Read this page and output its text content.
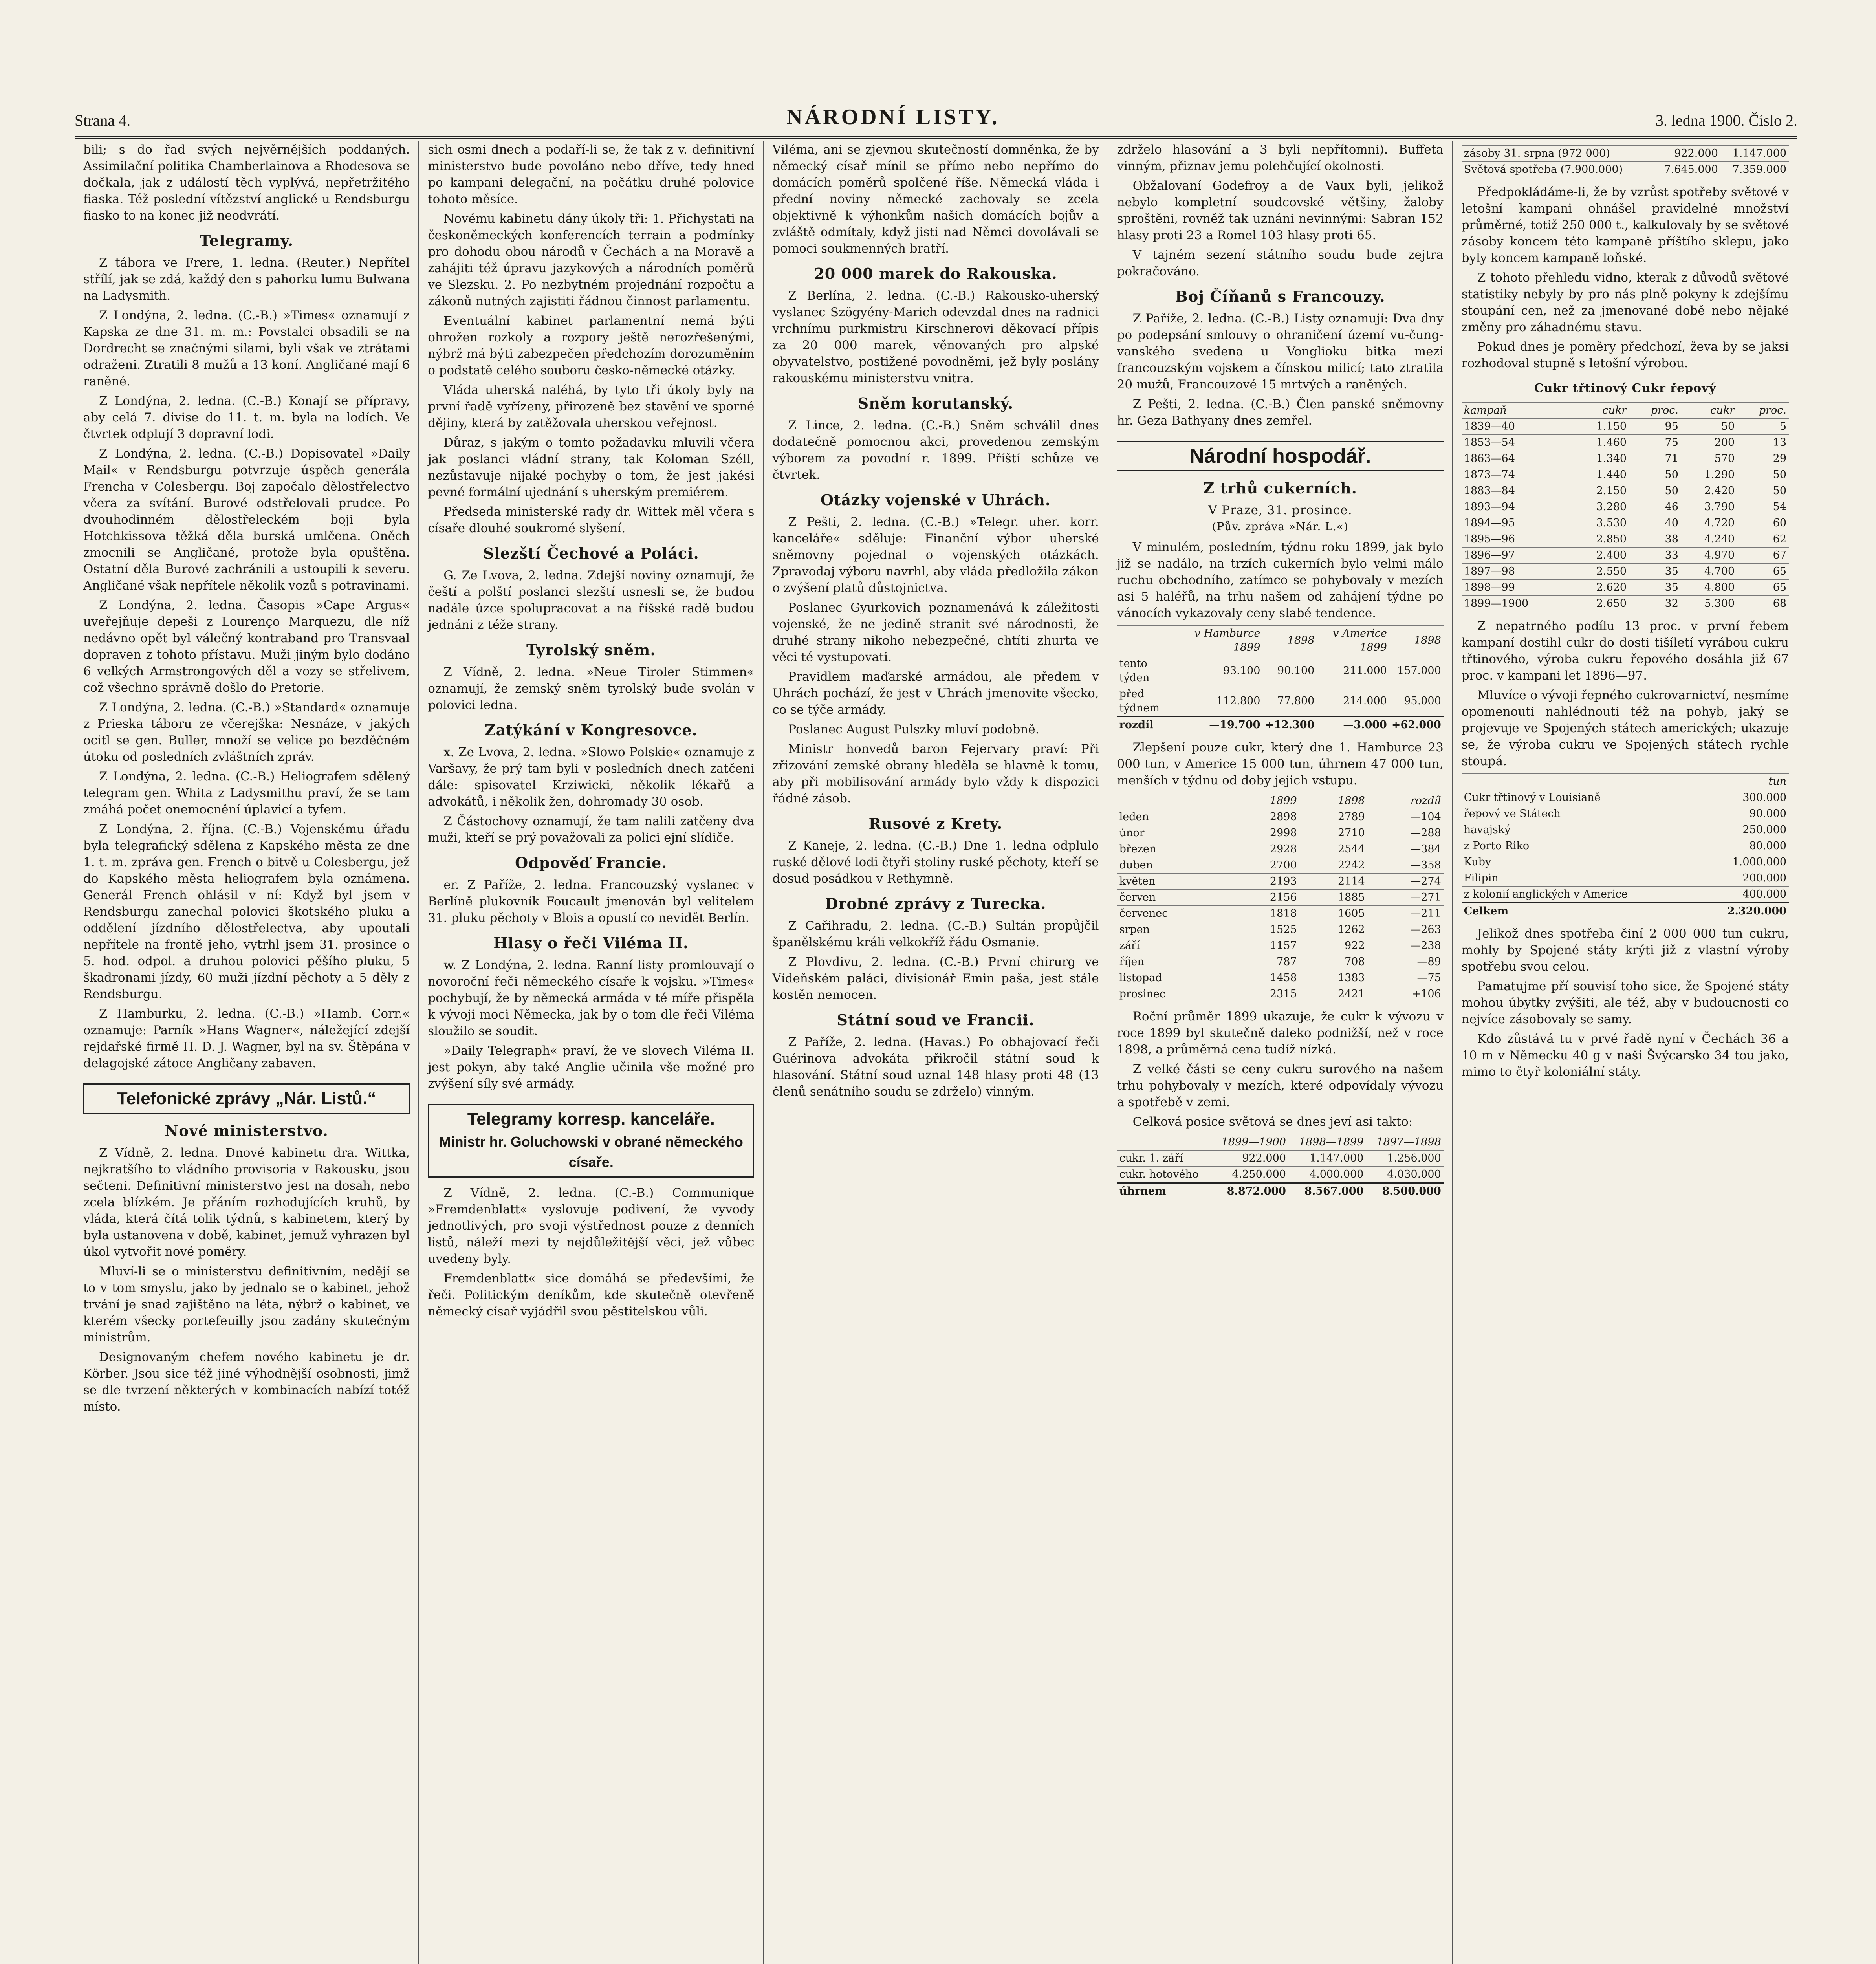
Strana 4.	NÁRODNÍ LISTY.	3. ledna 1900. Číslo 2.

bili; s do řad svých nejvěrnějších poddaných. Assimilační politika Chamberlainova a Rhodesova se dočkala, jak z událostí těch vyplývá, nepřetržitého fiaska. Též poslední vítězství anglické u Rendsburgu fiasko to na konec již neodvrátí.

Telegramy.

Z tábora ve Frere, 1. ledna. (Reuter.) Nepřítel střílí, jak se zdá, každý den s pahorku lumu Bulwana na Ladysmith.

Z Londýna, 2. ledna. (C.-B.) »Times« oznamují z Kapska ze dne 31. m. m.: Povstalci obsadili se na Dordrecht se značnými silami, byli však ve ztrátami odraženi. Ztratili 8 mužů a 13 koní. Angličané mají 6 raněné.

Z Londýna, 2. ledna. (C.-B.) Konají se přípravy, aby celá 7. divise do 11. t. m. byla na lodích. Ve čtvrtek odplují 3 dopravní lodi.

Z Londýna, 2. ledna. (C.-B.) Dopisovatel »Daily Mail« v Rendsburgu potvrzuje úspěch generála Frencha v Colesbergu. Boj započalo dělostřelectvo včera za svítání. Burové odstřelovali prudce. Po dvouhodinném dělostřeleckém boji byla Hotchkissova těžká děla burská umlčena. Oněch zmocnili se Angličané, protože byla opuštěna. Ostatní děla Burové zachránili a ustoupili k severu. Angličané však nepřítele několik vozů s potravinami.

Z Londýna, 2. ledna. Časopis »Cape Argus« uveřejňuje depeši z Lourenço Marquezu, dle níž nedávno opět byl válečný kontraband pro Transvaal dopraven z tohoto přístavu. Muži jiným bylo dodáno 6 velkých Armstrongových děl a vozy se střelivem, což všechno správně došlo do Pretorie.

Z Londýna, 2. ledna. (C.-B.) »Standard« oznamuje z Prieska táboru ze včerejška: Nesnáze, v jakých ocitl se gen. Buller, množí se velice po bezděčném útoku od posledních zvláštních zpráv.

Z Londýna, 2. ledna. (C.-B.) Heliografem sdělený telegram gen. Whita z Ladysmithu praví, že se tam zmáhá počet onemocnění úplavicí a tyfem.

Z Londýna, 2. října. (C.-B.) Vojenskému úřadu byla telegrafický sdělena z Kapského města ze dne 1. t. m. zpráva gen. French o bitvě u Colesbergu, jež do Kapského města heliografem byla oznámena. Generál French ohlásil v ní: Když byl jsem v Rendsburgu zanechal polovici škotského pluku a oddělení jízdního dělostřelectva, aby upoutali nepřítele na frontě jeho, vytrhl jsem 31. prosince o 5. hod. odpol. a druhou polovici pěšího pluku, 5 škadronami jízdy, 60 muži jízdní pěchoty a 5 děly z Rendsburgu.

Z Hamburku, 2. ledna. (C.-B.) »Hamb. Corr.« oznamuje: Parník »Hans Wagner«, náležející zdejší rejdařské firmě H. D. J. Wagner, byl na sv. Štěpána v delagojské zátoce Angličany zabaven.

Telefonické zprávy „Nár. Listů.“
Nové ministerstvo.

Z Vídně, 2. ledna. Dnové kabinetu dra. Wittka, nejkratšího to vládního provisoria v Rakousku, jsou sečteni. Definitivní ministerstvo jest na dosah, nebo zcela blízkém. Je přáním rozhodujících kruhů, by vláda, která čítá tolik týdnů, s kabinetem, který by byla ustanovena v době, kabinet, jemuž vyhrazen byl úkol vytvořit nové poměry.

Mluví-li se o ministerstvu definitivním, nedějí se to v tom smyslu, jako by jednalo se o kabinet, jehož trvání je snad zajištěno na léta, nýbrž o kabinet, ve kterém všecky portefeuilly jsou zadány skutečným ministrům.

Designovaným chefem nového kabinetu je dr. Körber. Jsou sice též jiné výhodnější osobnosti, jimž se dle tvrzení některých v kombinacích nabízí totéž místo.

sich osmi dnech a podaří-li se, že tak z v. definitivní ministerstvo bude povoláno nebo dříve, tedy hned po kampani delegační, na počátku druhé polovice tohoto měsíce.

Novému kabinetu dány úkoly tři: 1. Přichystati na českoněmeckých konferencích terrain a podmínky pro dohodu obou národů v Čechách a na Moravě a zahájiti též úpravu jazykových a národních poměrů ve Slezsku. 2. Po nezbytném projednání rozpočtu a zákonů nutných zajistiti řádnou činnost parlamentu.

Eventuální kabinet parlamentní nemá býti ohrožen rozkoly a rozpory ještě nerozřešenými, nýbrž má býti zabezpečen předchozím dorozuměním o podstatě celého souboru česko-německé otázky.

Vláda uherská naléhá, by tyto tři úkoly byly na první řadě vyřízeny, přirozeně bez stavění ve sporné dějiny, která by zatěžovala uherskou veřejnost.

Důraz, s jakým o tomto požadavku mluvili včera jak poslanci vládní strany, tak Koloman Széll, nezůstavuje nijaké pochyby o tom, že jest jakési pevné formální ujednání s uherským premiérem.

Předseda ministerské rady dr. Wittek měl včera s císaře dlouhé soukromé slyšení.

Slezští Čechové a Poláci.

G. Ze Lvova, 2. ledna. Zdejší noviny oznamují, že čeští a polští poslanci slezští usnesli se, že budou nadále úzce spolupracovat a na říšské radě budou jednáni z téže strany.

Tyrolský sněm.

Z Vídně, 2. ledna. »Neue Tiroler Stimmen« oznamují, že zemský sněm tyrolský bude svolán v polovici ledna.

Zatýkání v Kongresovce.

x. Ze Lvova, 2. ledna. »Slowo Polskie« oznamuje z Varšavy, že prý tam byli v posledních dnech zatčeni dále: spisovatel Krziwicki, několik lékařů a advokátů, i několik žen, dohromady 30 osob.

Z Částochovy oznamují, že tam nalili zatčeny dva muži, kteří se prý považovali za polici ejní slídiče.

Odpověď Francie.

er. Z Paříže, 2. ledna. Francouzský vyslanec v Berlíně plukovník Foucault jmenován byl velitelem 31. pluku pěchoty v Blois a opustí co nevidět Berlín.

Hlasy o řeči Viléma II.

w. Z Londýna, 2. ledna. Ranní listy promlouvají o novoroční řeči německého císaře k vojsku. »Times« pochybují, že by německá armáda v té míře přispěla k vývoji moci Německa, jak by o tom dle řeči Viléma sloužilo se soudit.

»Daily Telegraph« praví, že ve slovech Viléma II. jest pokyn, aby také Anglie učinila vše možné pro zvýšení síly své armády.

Telegramy korresp. kanceláře.
Ministr hr. Goluchowski v obrané německého císaře.

Z Vídně, 2. ledna. (C.-B.) Communique »Fremdenblatt« vyslovuje podivení, že vyvody jednotlivých, pro svoji výstřednost pouze z denních listů, náleží mezi ty nejdůležitější věci, jež vůbec uvedeny byly.

Fremdenblatt« sice domáhá se předevšími, že řeči. Politickým deníkům, kde skutečně otevřeně německý císař vyjádřil svou pěstitelskou vůli.

Viléma, ani se zjevnou skutečností domněnka, že by německý císař mínil se přímo nebo nepřímo do domácích poměrů spolčené říše. Německá vláda i přední noviny německé zachovaly se zcela objektivně k výhonkům našich domácích bojův a zvláště odmítaly, když jisti nad Němci dovolávali se pomoci soukmenných bratří.

20 000 marek do Rakouska.

Z Berlína, 2. ledna. (C.-B.) Rakousko-uherský vyslanec Szögyény-Marich odevzdal dnes na radnici vrchnímu purkmistru Kirschnerovi děkovací přípis za 20 000 marek, věnovaných pro alpské obyvatelstvo, postižené povodněmi, jež byly poslány rakouskému ministerstvu vnitra.

Sněm korutanský.

Z Lince, 2. ledna. (C.-B.) Sněm schválil dnes dodatečně pomocnou akci, provedenou zemským výborem za povodní r. 1899. Příští schůze ve čtvrtek.

Otázky vojenské v Uhrách.

Z Pešti, 2. ledna. (C.-B.) »Telegr. uher. korr. kanceláře« sděluje: Finanční výbor uherské sněmovny pojednal o vojenských otázkách. Zpravodaj výboru navrhl, aby vláda předložila zákon o zvýšení platů důstojnictva.

Poslanec Gyurkovich poznamenává k záležitosti vojenské, že ne jedině stranit své národnosti, že druhé strany nikoho nebezpečné, chtíti zhurta ve věci té vystupovati.

Pravidlem maďarské armádou, ale předem v Uhrách pochází, že jest v Uhrách jmenovite všecko, co se týče armády.

Poslanec August Pulszky mluví podobně.

Ministr honvedů baron Fejervary praví: Při zřizování zemské obrany hleděla se hlavně k tomu, aby při mobilisování armády bylo vždy k dispozici řádné zásob.

Rusové z Krety.

Z Kaneje, 2. ledna. (C.-B.) Dne 1. ledna odplulo ruské dělové lodi čtyři stoliny ruské pěchoty, kteří se dosud posádkou v Rethymně.

Drobné zprávy z Turecka.

Z Cařihradu, 2. ledna. (C.-B.) Sultán propůjčil španělskému králi velkokříž řádu Osmanie.

Z Plovdivu, 2. ledna. (C.-B.) První chirurg ve Vídeňském paláci, divisionář Emin paša, jest stále kostěn nemocen.

Státní soud ve Francii.

Z Paříže, 2. ledna. (Havas.) Po obhajovací řeči Guérinova advokáta přikročil státní soud k hlasování. Státní soud uznal 148 hlasy proti 48 (13 členů senátního soudu se zdrželo) vinným.

zdrželo hlasování a 3 byli nepřítomni). Buffeta vinným, přiznav jemu polehčující okolnosti.

Obžalovaní Godefroy a de Vaux byli, jelikož nebylo kompletní soudcovské většiny, žaloby sproštěni, rovněž tak uznáni nevinnými: Sabran 152 hlasy proti 23 a Romel 103 hlasy proti 65.

V tajném sezení státního soudu bude zejtra pokračováno.

Boj Číňanů s Francouzy.

Z Paříže, 2. ledna. (C.-B.) Listy oznamují: Dva dny po podepsání smlouvy o ohraničení území vu-čung-vanského svedena u Vonglioku bitka mezi francouzským vojskem a čínskou milicí; tato ztratila 20 mužů, Francouzové 15 mrtvých a raněných.

Z Pešti, 2. ledna. (C.-B.) Člen panské sněmovny hr. Geza Bathyany dnes zemřel.

Národní hospodář.
Z trhů cukerních.
V Praze, 31. prosince.
(Pův. zpráva »Nár. L.«)

V minulém, posledním, týdnu roku 1899, jak bylo již se nadálo, na trzích cukerních bylo velmi málo ruchu obchodního, zatímco se pohybovaly v mezích asi 5 haléřů, na trhu našem od zahájení týdne po vánocích vykazovaly ceny slabé tendence.

	v Hamburce 1899	1898	v Americe 1899	1898
tento týden	93.100	90.100	211.000	157.000
před týdnem	112.800	77.800	214.000	95.000
rozdíl	—19.700	+12.300	—3.000	+62.000

Zlepšení pouze cukr, který dne 1. Hamburce 23 000 tun, v Americe 15 000 tun, úhrnem 47 000 tun, menších v týdnu od doby jejich vstupu.

	1899	1898	rozdíl
leden	2898	2789	—104
únor	2998	2710	—288
březen	2928	2544	—384
duben	2700	2242	—358
květen	2193	2114	—274
červen	2156	1885	—271
červenec	1818	1605	—211
srpen	1525	1262	—263
září	1157	922	—238
říjen	787	708	—89
listopad	1458	1383	—75
prosinec	2315	2421	+106

Roční průměr 1899 ukazuje, že cukr k vývozu v roce 1899 byl skutečně daleko podnižší, než v roce 1898, a průměrná cena tudíž nízká.

Z velké části se ceny cukru surového na našem trhu pohybovaly v mezích, které odpovídaly vývozu a spotřebě v zemi.

Celková posice světová se dnes jeví asi takto:

	1899—1900	1898—1899	1897—1898
cukr. 1. září	922.000	1.147.000	1.256.000
cukr. hotového	4.250.000	4.000.000	4.030.000
úhrnem	8.872.000	8.567.000	8.500.000
zásoby 31. srpna (972 000)	922.000	1.147.000
Světová spotřeba (7.900.000)	7.645.000	7.359.000

Předpokládáme-li, že by vzrůst spotřeby světové v letošní kampani ohnášel pravidelné množství průměrné, totiž 250 000 t., kalkulovaly by se světové zásoby koncem této kampaně příštího sklepu, jako byly koncem kampaně loňské.

Z tohoto přehledu vidno, kterak z důvodů světové statistiky nebyly by pro nás plně pokyny k zdejšímu stoupání cen, než za jmenované době nebo nějaké změny pro záhadnému stavu.

Pokud dnes je poměry předchozí, ževa by se jaksi rozhodoval stupně s letošní výrobou.

Cukr třtinový Cukr řepový
kampaň	cukr	proc.	cukr	proc.
1839—40	1.150	95	50	5
1853—54	1.460	75	200	13
1863—64	1.340	71	570	29
1873—74	1.440	50	1.290	50
1883—84	2.150	50	2.420	50
1893—94	3.280	46	3.790	54
1894—95	3.530	40	4.720	60
1895—96	2.850	38	4.240	62
1896—97	2.400	33	4.970	67
1897—98	2.550	35	4.700	65
1898—99	2.620	35	4.800	65
1899—1900	2.650	32	5.300	68

Z nepatrného podílu 13 proc. v první řebem kampaní dostihl cukr do dosti tišíletí vyrábou cukru třtinového, výroba cukru řepového dosáhla již 67 proc. v kampani let 1896—97.

Mluvíce o vývoji řepného cukrovarnictví, nesmíme opomenouti nahlédnouti též na pohyb, jaký se projevuje ve Spojených státech amerických; ukazuje se, že výroba cukru ve Spojených státech rychle stoupá.

	tun
Cukr třtinový v Louisianě	300.000
řepový ve Státech	90.000
havajský	250.000
z Porto Riko	80.000
Kuby	1.000.000
Filipin	200.000
z kolonií anglických v Americe	400.000
Celkem	2.320.000

Jelikož dnes spotřeba činí 2 000 000 tun cukru, mohly by Spojené státy krýti již z vlastní výroby spotřebu svou celou.

Pamatujme pří souvisí toho sice, že Spojené státy mohou úbytky zvýšiti, ale též, aby v budoucnosti co nejvíce zásobovaly se samy.

Kdo zůstává tu v prvé řadě nyní v Čechách 36 a 10 m v Německu 40 g v naší Švýcarsko 34 tou jako, mimo to čtyř koloniální státy.
